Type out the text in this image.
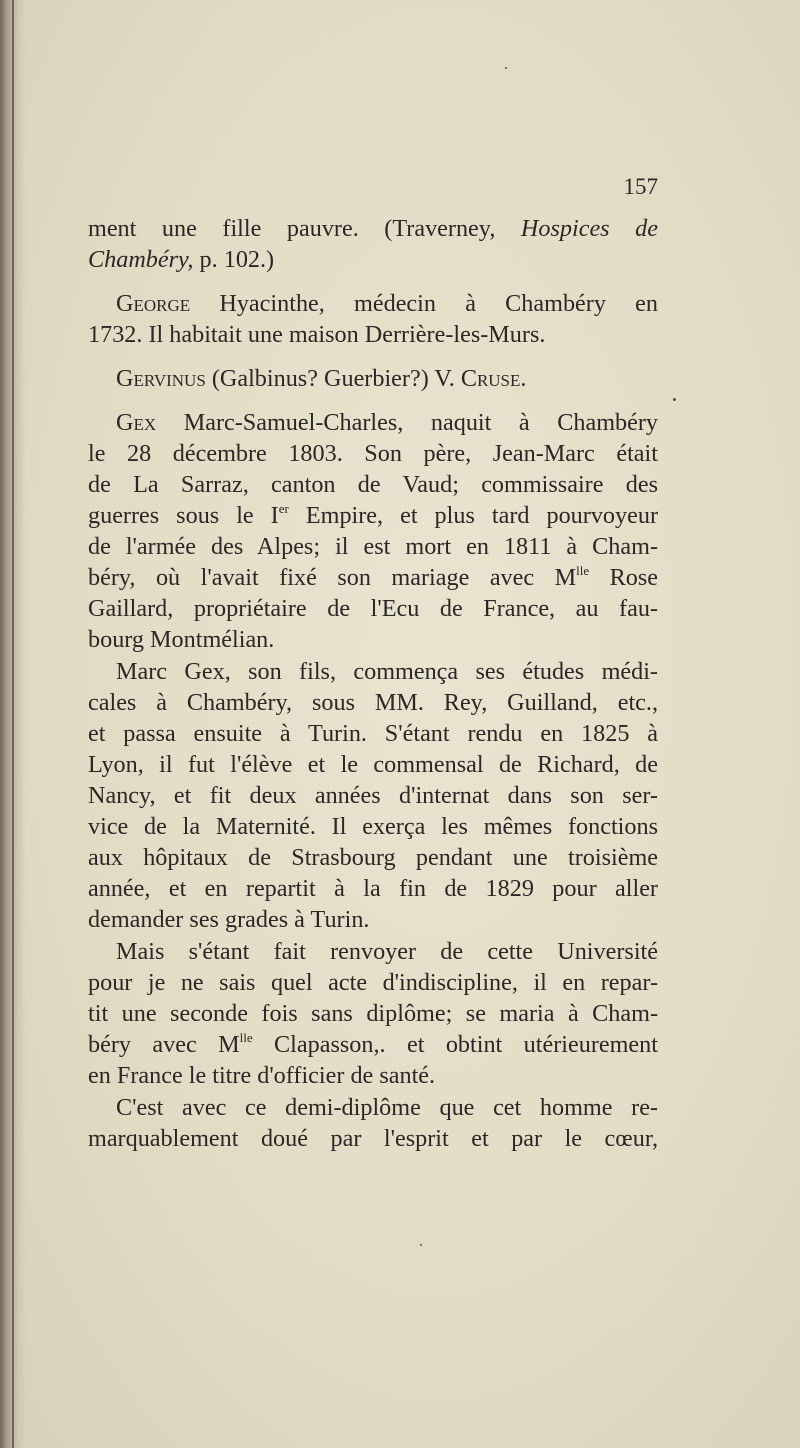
157
ment une fille pauvre. (Traverney, Hospices de
Chambéry, p. 102.)
George Hyacinthe, médecin à Chambéry en
1732. Il habitait une maison Derrière-les-Murs.
Gervinus (Galbinus? Guerbier?) V. Cruse.
Gex Marc-Samuel-Charles, naquit à Chambéry
le 28 décembre 1803. Son père, Jean-Marc était
de La Sarraz, canton de Vaud; commissaire des
guerres sous le Ier Empire, et plus tard pourvoyeur
de l'armée des Alpes; il est mort en 1811 à Cham-
béry, où l'avait fixé son mariage avec $M^{lle}$ Rose
Gaillard, propriétaire de l'Ecu de France, au fau-
bourg Montmélian.
Marc Gex, son fils, commença ses études médi-
cales à Chambéry, sous MM. Rey, Guilland, etc.,
et passa ensuite à Turin. S'étant rendu en 1825 à
Lyon, il fut l'élève et le commensal de Richard, de
Nancy, et fit deux années d'internat dans son ser-
vice de la Maternité. Il exerça les mêmes fonctions
aux hôpitaux de Strasbourg pendant une troisième
année, et en repartit à la fin de 1829 pour aller
demander ses grades à Turin.
Mais s'étant fait renvoyer de cette Université
pour je ne sais quel acte d'indiscipline, il en repar-
tit une seconde fois sans diplôme; se maria à Cham-
béry avec $M^{lle}$ Clapasson,. et obtint utérieurement
en France le titre d'officier de santé.
C'est avec ce demi-diplôme que cet homme re-
marquablement doué par l'esprit et par le cœur,
